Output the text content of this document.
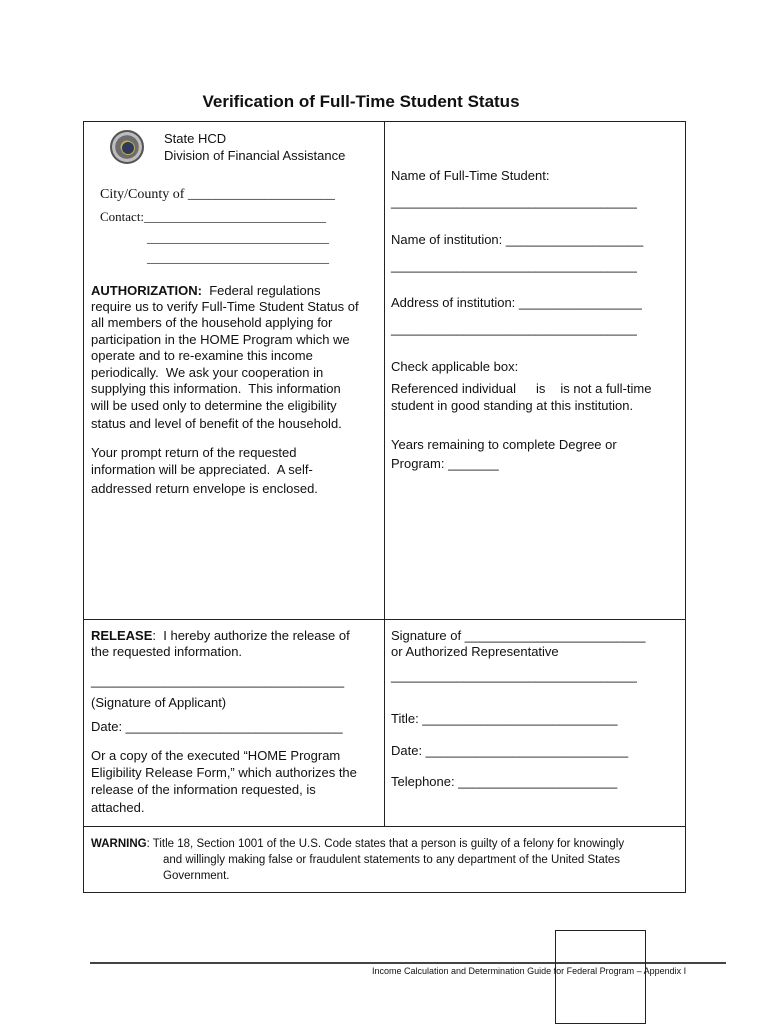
Verification of Full-Time Student Status
State HCD
Division of Financial Assistance
City/County of _____________________
Contact:____________________________
____________________________
____________________________
AUTHORIZATION: Federal regulations
require us to verify Full-Time Student Status of
all members of the household applying for
participation in the HOME Program which we
operate and to re-examine this income
periodically.  We ask your cooperation in
supplying this information.  This information
will be used only to determine the eligibility
status and level of benefit of the household.
Your prompt return of the requested
information will be appreciated.  A self-
addressed return envelope is enclosed.
Name of Full-Time Student:
__________________________________
Name of institution: ___________________
__________________________________
Address of institution: _________________
__________________________________
Check applicable box:
Referenced individual is is not a full-time
student in good standing at this institution.
Years remaining to complete Degree or
Program: _______
RELEASE:  I hereby authorize the release of
the requested information.
___________________________________
(Signature of Applicant)
Date: ______________________________
Or a copy of the executed “HOME Program
Eligibility Release Form,” which authorizes the
release of the information requested, is
attached.
Signature of _________________________
or Authorized Representative
__________________________________
Title: ___________________________
Date: ____________________________
Telephone: ______________________
WARNING: Title 18, Section 1001 of the U.S. Code states that a person is guilty of a felony for knowingly
and willingly making false or fraudulent statements to any department of the United States
Government.
Income Calculation and Determination Guide for Federal Program – Appendix I
